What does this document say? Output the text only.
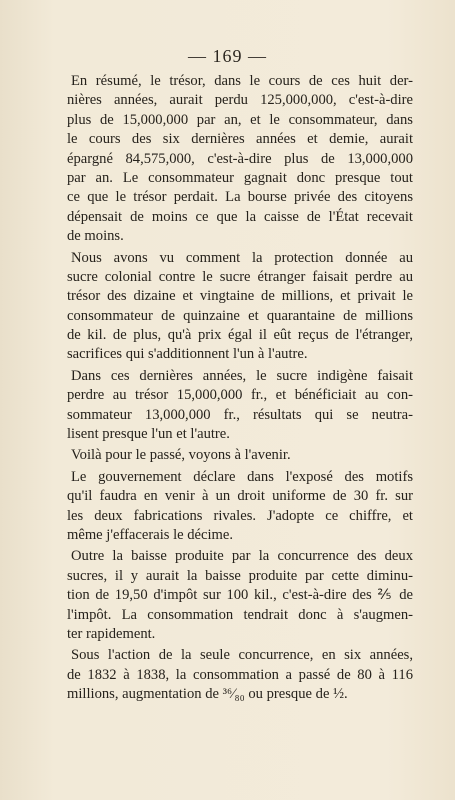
— 169 —
En résumé, le trésor, dans le cours de ces huit der-
nières années, aurait perdu 125,000,000, c'est-à-dire
plus de 15,000,000 par an, et le consommateur, dans
le cours des six dernières années et demie, aurait
épargné 84,575,000, c'est-à-dire plus de 13,000,000
par an. Le consommateur gagnait donc presque tout
ce que le trésor perdait. La bourse privée des citoyens
dépensait de moins ce que la caisse de l'État recevait
de moins.
Nous avons vu comment la protection donnée au
sucre colonial contre le sucre étranger faisait perdre au
trésor des dizaine et vingtaine de millions, et privait le
consommateur de quinzaine et quarantaine de millions
de kil. de plus, qu'à prix égal il eût reçus de l'étranger,
sacrifices qui s'additionnent l'un à l'autre.
Dans ces dernières années, le sucre indigène faisait
perdre au trésor 15,000,000 fr., et bénéficiait au con-
sommateur 13,000,000 fr., résultats qui se neutra-
lisent presque l'un et l'autre.
Voilà pour le passé, voyons à l'avenir.
Le gouvernement déclare dans l'exposé des motifs
qu'il faudra en venir à un droit uniforme de 30 fr. sur
les deux fabrications rivales. J'adopte ce chiffre, et
même j'effacerais le décime.
Outre la baisse produite par la concurrence des deux
sucres, il y aurait la baisse produite par cette diminu-
tion de 19,50 d'impôt sur 100 kil., c'est-à-dire des ⅖ de
l'impôt. La consommation tendrait donc à s'augmen-
ter rapidement.
Sous l'action de la seule concurrence, en six années,
de 1832 à 1838, la consommation a passé de 80 à 116
millions, augmentation de ³⁶⁄₈₀ ou presque de ½.
